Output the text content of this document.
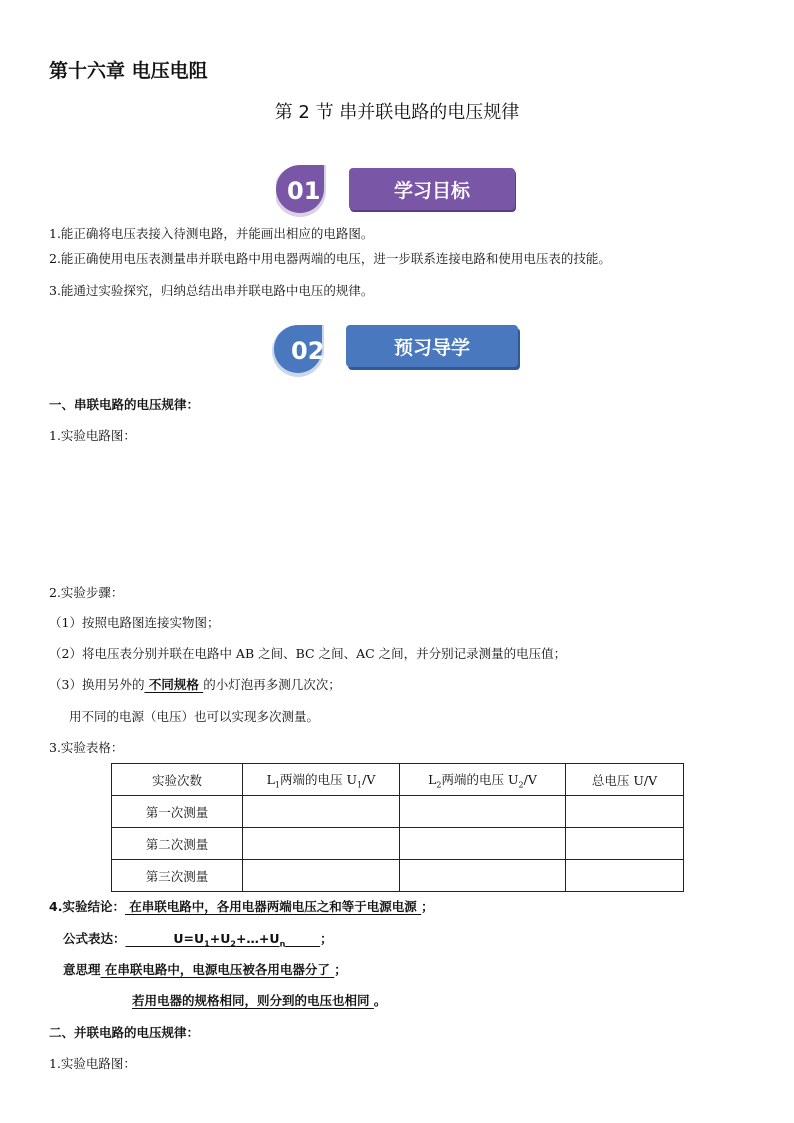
第十六章 电压电阻
第 2 节 串并联电路的电压规律
01	学习目标
1.能正确将电压表接入待测电路，并能画出相应的电路图。
2.能正确使用电压表测量串并联电路中用电器两端的电压，进一步联系连接电路和使用电压表的技能。
3.能通过实验探究，归纳总结出串并联电路中电压的规律。
02	预习导学
一、串联电路的电压规律：
1.实验电路图：
2.实验步骤：
（1）按照电路图连接实物图；
（2）将电压表分别并联在电路中 AB 之间、BC 之间、AC 之间，并分别记录测量的电压值；
（3）换用另外的 不同规格 的小灯泡再多测几次次；
用不同的电源（电压）也可以实现多次测量。
3.实验表格：
实验次数	$L_1$两端的电压 $U_1/V$	$L_2$两端的电压 $U_2/V$	总电压 U/V
第一次测量			
第二次测量			
第三次测量			
4.实验结论： 在串联电路中，各用电器两端电压之和等于电源电源 ；
公式表达：	$U=U_1+U_2+\dots+U_n$	；
意思理 在串联电路中，电源电压被各用电器分了 ；
若用电器的规格相同，则分到的电压也相同 。
二、并联电路的电压规律：
1.实验电路图：
